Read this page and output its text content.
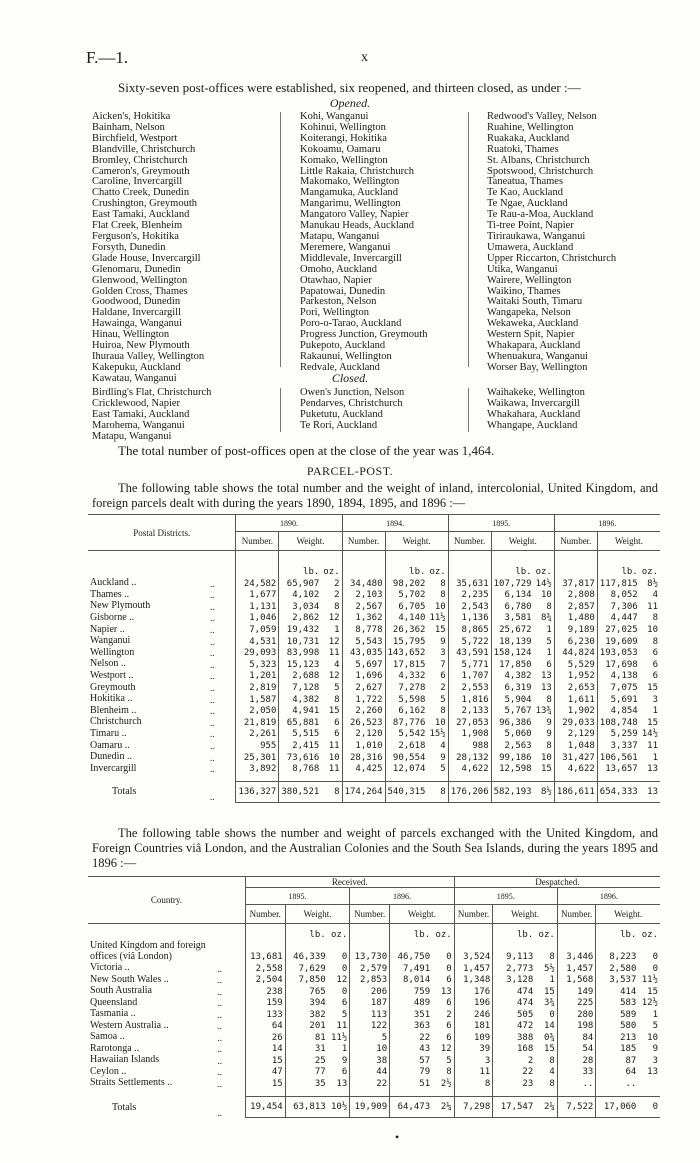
F.—1.	x
Sixty-seven post-offices were established, six reopened, and thirteen closed, as under :—
Opened.
Aicken's, Hokitika
Bainham, Nelson
Birchfield, Westport
Blandville, Christchurch
Bromley, Christchurch
Cameron's, Greymouth
Caroline, Invercargill
Chatto Creek, Dunedin
Crushington, Greymouth
East Tamaki, Auckland
Flat Creek, Blenheim
Ferguson's, Hokitika
Forsyth, Dunedin
Glade House, Invercargill
Glenomaru, Dunedin
Glenwood, Wellington
Golden Cross, Thames
Goodwood, Dunedin
Haldane, Invercargill
Hawainga, Wanganui
Hinau, Wellington
Huiroa, New Plymouth
Ihuraua Valley, Wellington
Kakepuku, Auckland
Kawatau, Wanganui
Kohi, Wanganui
Kohinui, Wellington
Koiterangi, Hokitika
Kokoamu, Oamaru
Komako, Wellington
Little Rakaia, Christchurch
Makomako, Wellington
Mangamuka, Auckland
Mangarimu, Wellington
Mangatoro Valley, Napier
Manukau Heads, Auckland
Matapu, Wanganui
Meremere, Wanganui
Middlevale, Invercargill
Omoho, Auckland
Otawhao, Napier
Papatowai, Dunedin
Parkeston, Nelson
Pori, Wellington
Poro-o-Tarao, Auckland
Progress Junction, Greymouth
Pukepoto, Auckland
Rakaunui, Wellington
Redvale, Auckland
Redwood's Valley, Nelson
Ruahine, Wellington
Ruakaka, Auckland
Ruatoki, Thames
St. Albans, Christchurch
Spotswood, Christchurch
Taneatua, Thames
Te Kao, Auckland
Te Ngae, Auckland
Te Rau-a-Moa, Auckland
Ti-tree Point, Napier
Tiriraukawa, Wanganui
Umawera, Auckland
Upper Riccarton, Christchurch
Utika, Wanganui
Wairere, Wellington
Waikino, Thames
Waitaki South, Timaru
Wangapeka, Nelson
Wekaweka, Auckland
Western Spit, Napier
Whakapara, Auckland
Whenuakura, Wanganui
Worser Bay, Wellington
Closed.
Birdling's Flat, Christchurch
Cricklewood, Napier
East Tamaki, Auckland
Marohema, Wanganui
Matapu, Wanganui
Owen's Junction, Nelson
Pendarves, Christchurch
Puketutu, Auckland
Te Rori, Auckland
Waihakeke, Wellington
Waikawa, Invercargill
Whakahara, Auckland
Whangape, Auckland
The total number of post-offices open at the close of the year was 1,464.
PARCEL-POST.
The following table shows the total number and the weight of inland, intercolonial, United Kingdom, and foreign parcels dealt with during the years 1890, 1894, 1895, and 1896 :—
Postal Districts.		1890.			1894.			1895.			1896.		
		Number.	Weight.		Number.	Weight.		Number.	Weight.		Number.	Weight.	
			lb.	oz.		lb.	oz.		lb.	oz.		lb.	oz.
Auckland ..	..	24,582	65,907	2	34,480	98,202	8	35,631	107,729	14½	37,817	117,815	8½
Thames ..	..	1,677	4,102	2	2,103	5,702	8	2,235	6,134	10	2,808	8,052	4
New Plymouth	..	1,131	3,034	8	2,567	6,705	10	2,543	6,780	8	2,857	7,306	11
Gisborne ..	..	1,046	2,862	12	1,362	4,140	11½	1,136	3,581	8¾	1,480	4,447	8
Napier ..	..	7,059	19,432	1	8,778	26,362	15	8,865	25,672	1	9,189	27,025	10
Wanganui	..	4,531	10,731	12	5,543	15,795	9	5,722	18,139	5	6,230	19,609	8
Wellington	..	29,093	83,998	11	43,035	143,652	3	43,591	158,124	1	44,824	193,053	6
Nelson ..	..	5,323	15,123	4	5,697	17,815	7	5,771	17,850	6	5,529	17,698	6
Westport ..	..	1,201	2,688	12	1,696	4,332	6	1,707	4,382	13	1,952	4,138	6
Greymouth	..	2,819	7,128	5	2,627	7,278	2	2,553	6,319	13	2,653	7,075	15
Hokitika ..	..	1,587	4,382	8	1,722	5,598	5	1,816	5,904	8	1,611	5,691	3
Blenheim ..	..	2,050	4,941	15	2,260	6,162	8	2,133	5,767	13¾	1,902	4,854	1
Christchurch	..	21,819	65,881	6	26,523	87,776	10	27,053	96,386	9	29,033	108,748	15
Timaru ..	..	2,261	5,515	6	2,120	5,542	15½	1,908	5,060	9	2,129	5,259	14½
Oamaru ..	..	955	2,415	11	1,010	2,618	4	988	2,563	8	1,048	3,337	11
Dunedin ..	..	25,301	73,616	10	28,316	90,554	9	28,132	99,186	10	31,427	106,561	1
Invercargill	..	3,892	8,768	11	4,425	12,074	5	4,622	12,598	15	4,622	13,657	13

Totals	..	136,327	380,521	8	174,264	540,315	8	176,206	582,193	8½	186,611	654,333	13
The following table shows the number and weight of parcels exchanged with the United Kingdom, and Foreign Countries viâ London, and the Australian Colonies and the South Sea Islands, during the years 1895 and 1896 :—
Country.		Received.						Despatched.					
		1895.			1896.			1895.			1896.		
		Number.	Weight.		Number.	Weight.		Number.	Weight.		Number.	Weight.	
			lb.	oz.		lb.	oz.		lb.	oz.		lb.	oz.

United Kingdom and foreign
offices (viâ London)		13,681	46,339	0	13,730	46,750	0	3,524	9,113	8	3,446	8,223	0
Victoria ..	..	2,558	7,629	0	2,579	7,491	0	1,457	2,773	5½	1,457	2,580	0
New South Wales ..	..	2,504	7,850	12	2,853	8,014	6	1,348	3,128	1	1,568	3,537	11½
South Australia	..	238	765	0	206	759	13	176	474	15	149	414	15
Queensland	..	159	394	6	187	489	6	196	474	3¾	225	583	12½
Tasmania ..	..	133	382	5	113	351	2	246	505	0	280	589	1
Western Australia ..	..	64	201	11	122	363	6	181	472	14	198	580	5
Samoa ..	..	26	81	11½	5	22	6	109	388	0¾	84	213	10
Rarotonga ..	..	14	31	1	10	43	12	39	168	15	54	185	9
Hawaiian Islands	..	15	25	9	38	57	5	3	2	8	28	87	3
Ceylon ..	..	47	77	6	44	79	8	11	22	4	33	64	13
Straits Settlements ..	..	15	35	13	22	51	2½	8	23	8	..	..	

Totals	..	19,454	63,813	10½	19,909	64,473	2¼	7,298	17,547	2¼	7,522	17,060	0
•
